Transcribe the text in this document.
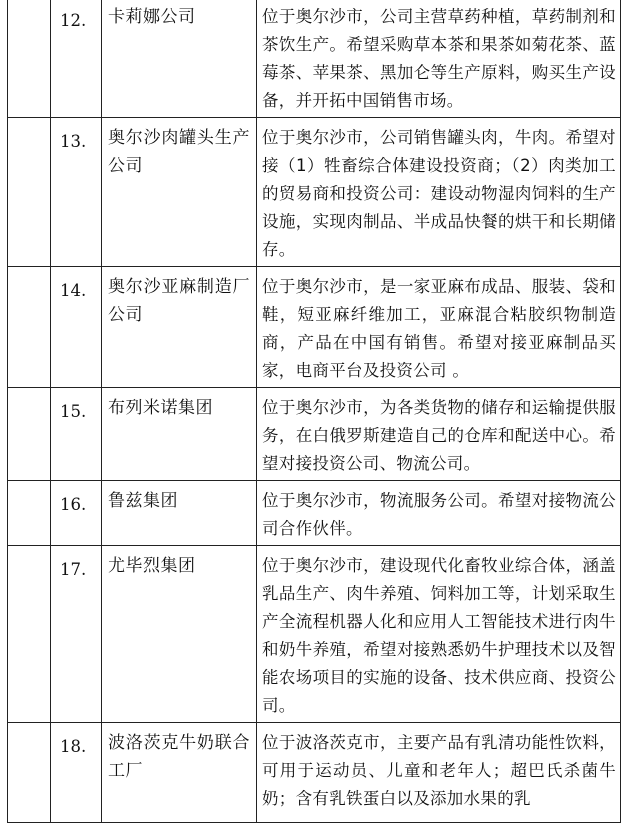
	12.	卡莉娜公司	位于奥尔沙市，公司主营草药种植，草药制剂和茶饮生产。希望采购草本茶和果茶如菊花茶、蓝莓茶、苹果茶、黑加仑等生产原料，购买生产设备，并开拓中国销售市场。

	13.	奥尔沙肉罐头生产公司	位于奥尔沙市，公司销售罐头肉，牛肉。希望对接（1）牲畜综合体建设投资商；（2）肉类加工的贸易商和投资公司：建设动物湿肉饲料的生产设施，实现肉制品、半成品快餐的烘干和长期储存。

	14.	奥尔沙亚麻制造厂公司	位于奥尔沙市，是一家亚麻布成品、服装、袋和鞋，短亚麻纤维加工，亚麻混合粘胶织物制造商，产品在中国有销售。希望对接亚麻制品买家，电商平台及投资公司 。

	15.	布列米诺集团	位于奥尔沙市，为各类货物的储存和运输提供服务，在白俄罗斯建造自己的仓库和配送中心。希望对接投资公司、物流公司。

	16.	鲁兹集团	位于奥尔沙市，物流服务公司。希望对接物流公司合作伙伴。

	17.	尤毕烈集团	位于奥尔沙市，建设现代化畜牧业综合体，涵盖乳品生产、肉牛养殖、饲料加工等，计划采取生产全流程机器人化和应用人工智能技术进行肉牛和奶牛养殖，希望对接熟悉奶牛护理技术以及智能农场项目的实施的设备、技术供应商、投资公司。

	18.	波洛茨克牛奶联合工厂	位于波洛茨克市，主要产品有乳清功能性饮料，可用于运动员、儿童和老年人；超巴氏杀菌牛奶；含有乳铁蛋白以及添加水果的乳
